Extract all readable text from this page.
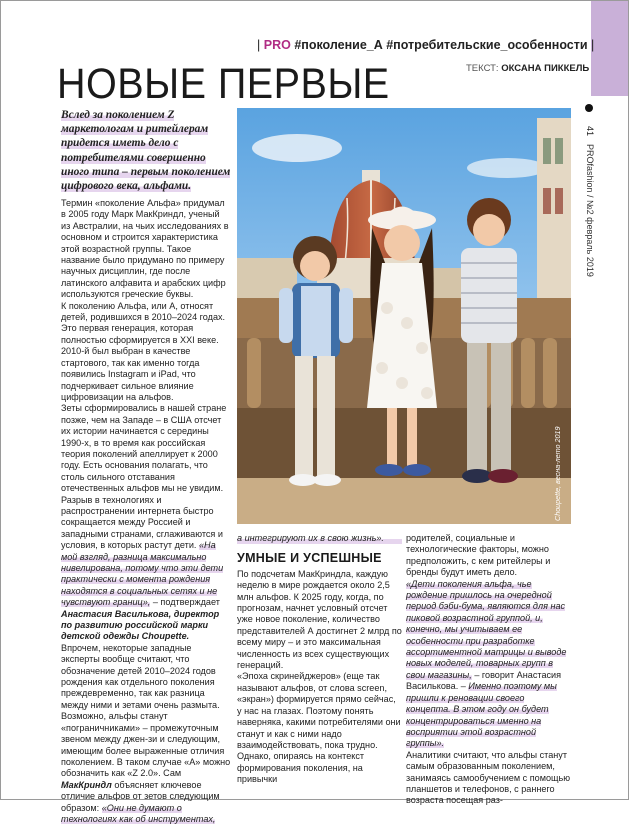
| PRO #поколение_А #потребительские_особенности |
НОВЫЕ ПЕРВЫЕ	ТЕКСТ: ОКСАНА ПИККЕЛЬ
Вслед за поколением Z маркетологам и ритейлерам придется иметь дело с потребителями совершенно иного типа – первым поколением цифрового века, альфами.
Choupette, весна-лето 2019
41
PROfashion / №2 февраль 2019

Термин «поколение Альфа» придумал в 2005 году Марк МакКриндл, ученый из Австралии, на чьих исследованиях в основном и строится характеристика этой возрастной группы. Такое название было придумано по примеру научных дисциплин, где после латинского алфавита и арабских цифр используются греческие буквы.

К поколению Альфа, или А, относят детей, родившихся в 2010–2024 годах. Это первая генерация, которая полностью сформируется в XXI веке. 2010-й был выбран в качестве стартового, так как именно тогда появились Instagram и iPad, что подчеркивает сильное влияние цифровизации на альфов.

Зеты сформировались в нашей стране позже, чем на Западе – в США отсчет их истории начинается с середины 1990-х, в то время как российская теория поколений апеллирует к 2000 году. Есть основания полагать, что столь сильного отставания отечественных альфов мы не увидим. Разрыв в технологиях и распространении интернета быстро сокращается между Россией и западными странами, сглаживаются и условия, в которых растут дети. «На мой взгляд, разница максимально нивелирована, потому что эти дети практически с момента рождения находятся в социальных сетях и не чувствуют границ», – подтверждает Анастасия Василькова, директор по развитию российской марки детской одежды Choupette.

Впрочем, некоторые западные эксперты вообще считают, что обозначение детей 2010–2024 годов рождения как отдельного поколения преждевременно, так как разница между ними и зетами очень размыта. Возможно, альфы станут «пограничниками» – промежуточным звеном между джен-зи и следующим, имеющим более выраженные отличия поколением. В таком случае «А» можно обозначить как «Z 2.0». Сам МакКриндл объясняет ключевое отличие альфов от зетов следующим образом: «Они не думают о технологиях как об инструментах,

а интегрируют их в свою жизнь».

УМНЫЕ И УСПЕШНЫЕ

По подсчетам МакКриндла, каждую неделю в мире рождается около 2,5 млн альфов. К 2025 году, когда, по прогнозам, начнет условный отсчет уже новое поколение, количество представителей А достигнет 2 млрд по всему миру – и это максимальная численность из всех существующих генераций.

«Эпоха скринейджеров» (еще так называют альфов, от слова screen, «экран») формируется прямо сейчас, у нас на глазах. Поэтому понять наверняка, какими потребителями они станут и как с ними надо взаимодействовать, пока трудно. Однако, опираясь на контекст формирования поколения, на привычки

родителей, социальные и технологические факторы, можно предположить, с кем ритейлеры и бренды будут иметь дело.

«Дети поколения альфа, чье рождение пришлось на очередной период бэби-бума, являются для нас пиковой возрастной группой, и, конечно, мы учитываем ее особенности при разработке ассортиментной матрицы и выводе новых моделей, товарных групп в свои магазины, – говорит Анастасия Василькова. – Именно поэтому мы пришли к реновации своего концепта. В этом году он будет концентрироваться именно на восприятии этой возрастной группы».

Аналитики считают, что альфы станут самым образованным поколением, занимаясь самообучением с помощью планшетов и телефонов, с раннего возраста посещая раз-
